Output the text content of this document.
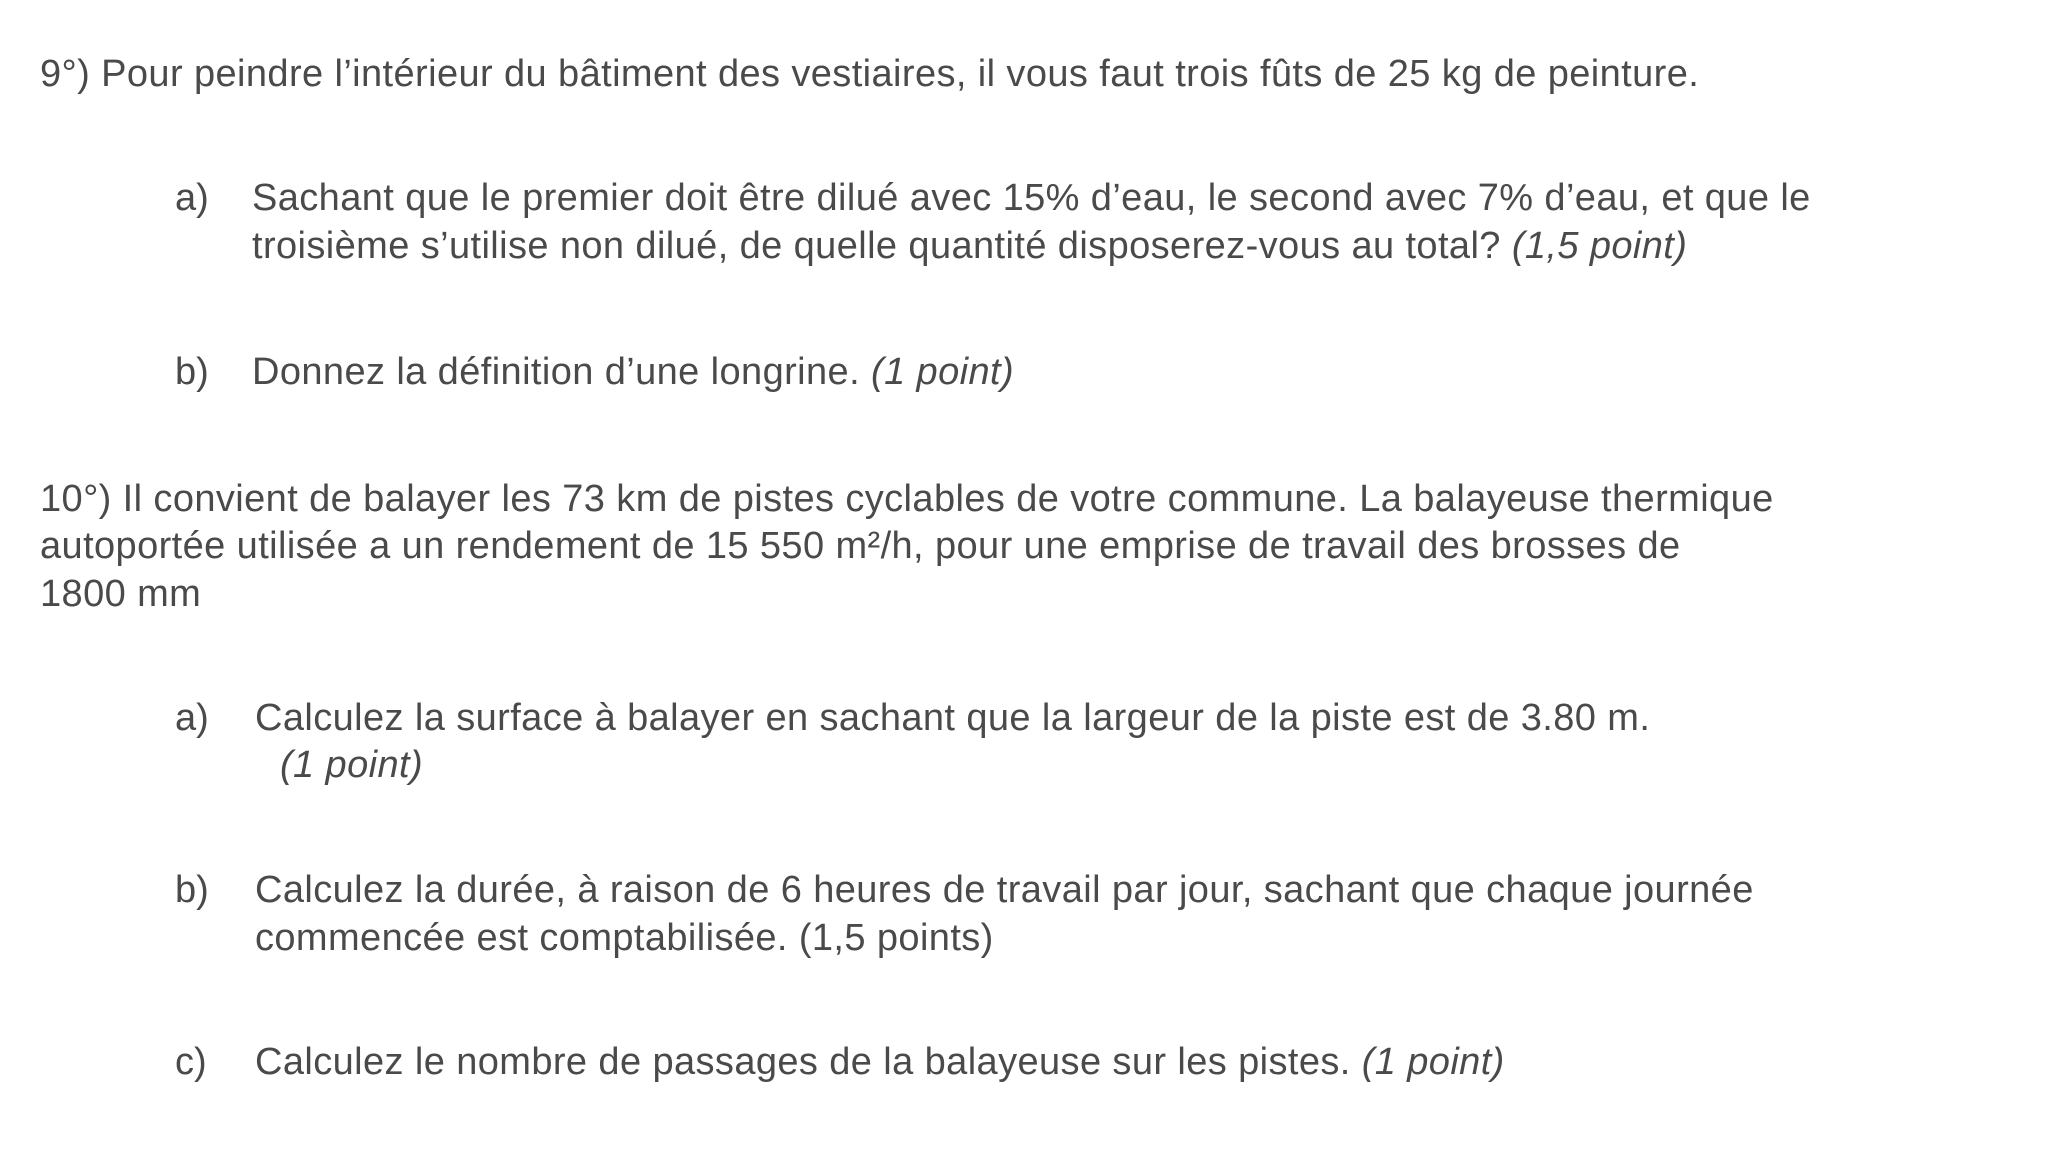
9°) Pour peindre l’intérieur du bâtiment des vestiaires, il vous faut trois fûts de 25 kg de peinture.
a) Sachant que le premier doit être dilué avec 15% d’eau, le second avec 7% d’eau, et que le
troisième s’utilise non dilué, de quelle quantité disposerez-vous au total? (1,5 point)
b) Donnez la définition d’une longrine. (1 point)
10°) Il convient de balayer les 73 km de pistes cyclables de votre commune. La balayeuse thermique
autoportée utilisée a un rendement de 15 550 m²/h, pour une emprise de travail des brosses de
1800 mm
a) Calculez la surface à balayer en sachant que la largeur de la piste est de 3.80 m.
(1 point)
b) Calculez la durée, à raison de 6 heures de travail par jour, sachant que chaque journée
commencée est comptabilisée. (1,5 points)
c) Calculez le nombre de passages de la balayeuse sur les pistes. (1 point)
